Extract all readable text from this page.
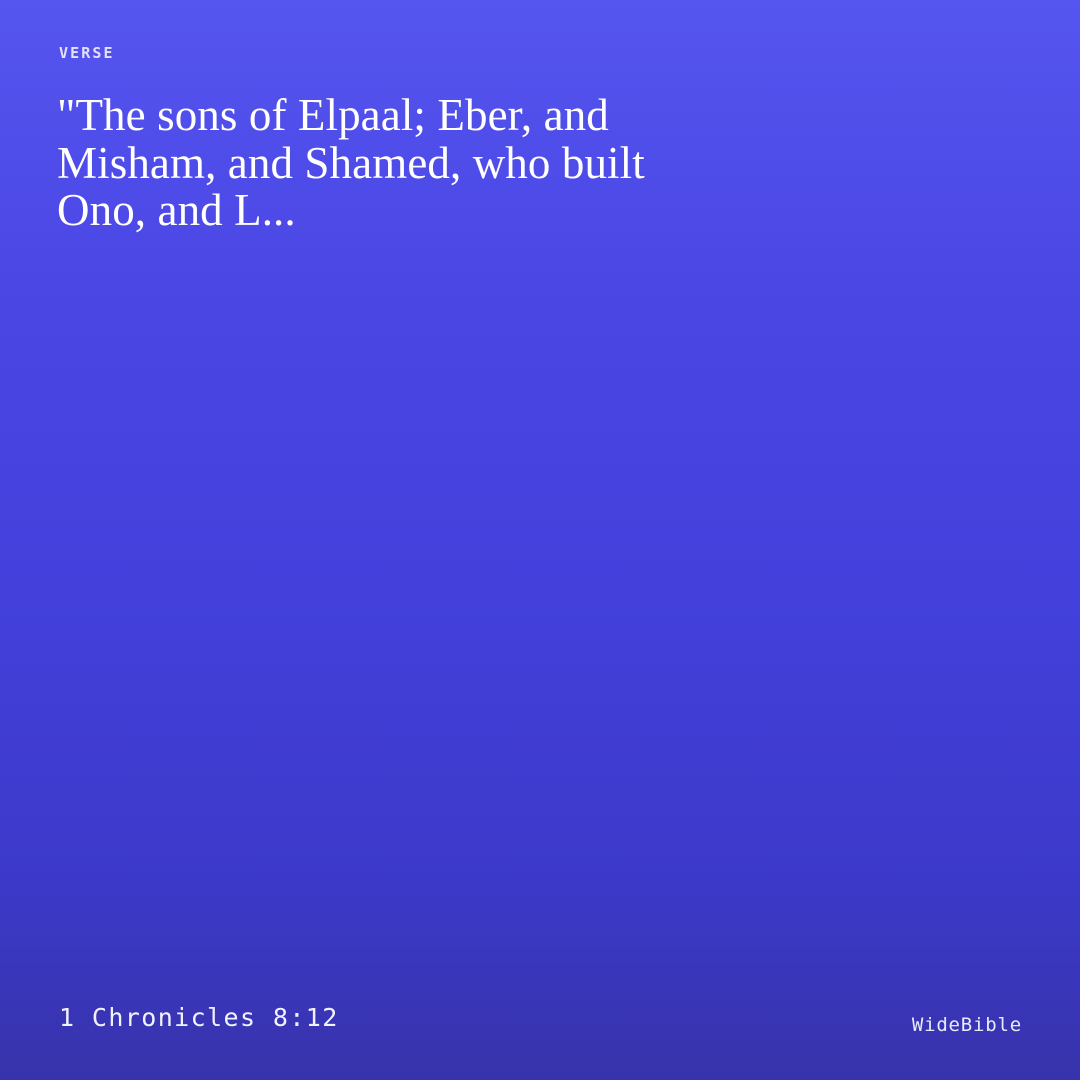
VERSE
"The sons of Elpaal; Eber, and Misham, and Shamed, who built Ono, and L...
1 Chronicles 8:12	WideBible
